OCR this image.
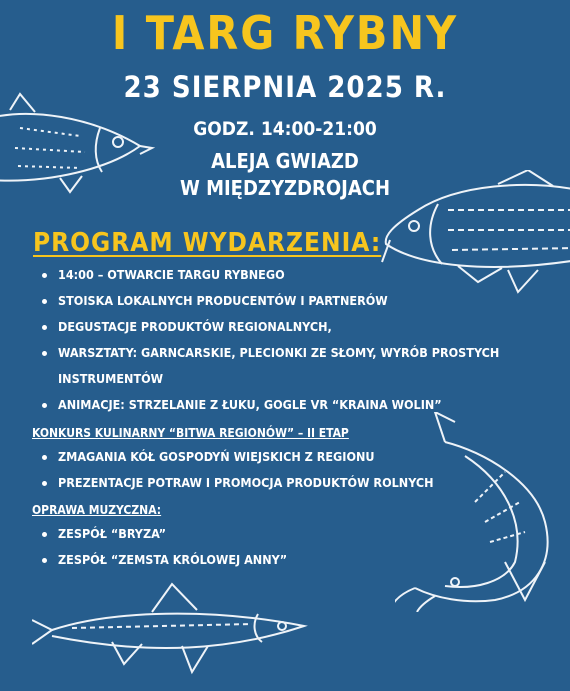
I TARG RYBNY
23 SIERPNIA 2025 R.
GODZ. 14:00-21:00
ALEJA GWIAZD
W MIĘDZYZDROJACH
PROGRAM WYDARZENIA:
14:00 – OTWARCIE TARGU RYBNEGO
STOISKA LOKALNYCH PRODUCENTÓW I PARTNERÓW
DEGUSTACJE PRODUKTÓW REGIONALNYCH,
WARSZTATY: GARNCARSKIE, PLECIONKI ZE SŁOMY, WYRÓB PROSTYCH INSTRUMENTÓW
ANIMACJE: STRZELANIE Z ŁUKU, GOGLE VR “KRAINA WOLIN”
KONKURS KULINARNY “BITWA REGIONÓW” – II ETAP
ZMAGANIA KÓŁ GOSPODYŃ WIEJSKICH Z REGIONU
PREZENTACJE POTRAW I PROMOCJA PRODUKTÓW ROLNYCH
OPRAWA MUZYCZNA:
ZESPÓŁ “BRYZA”
ZESPÓŁ “ZEMSTA KRÓLOWEJ ANNY”
